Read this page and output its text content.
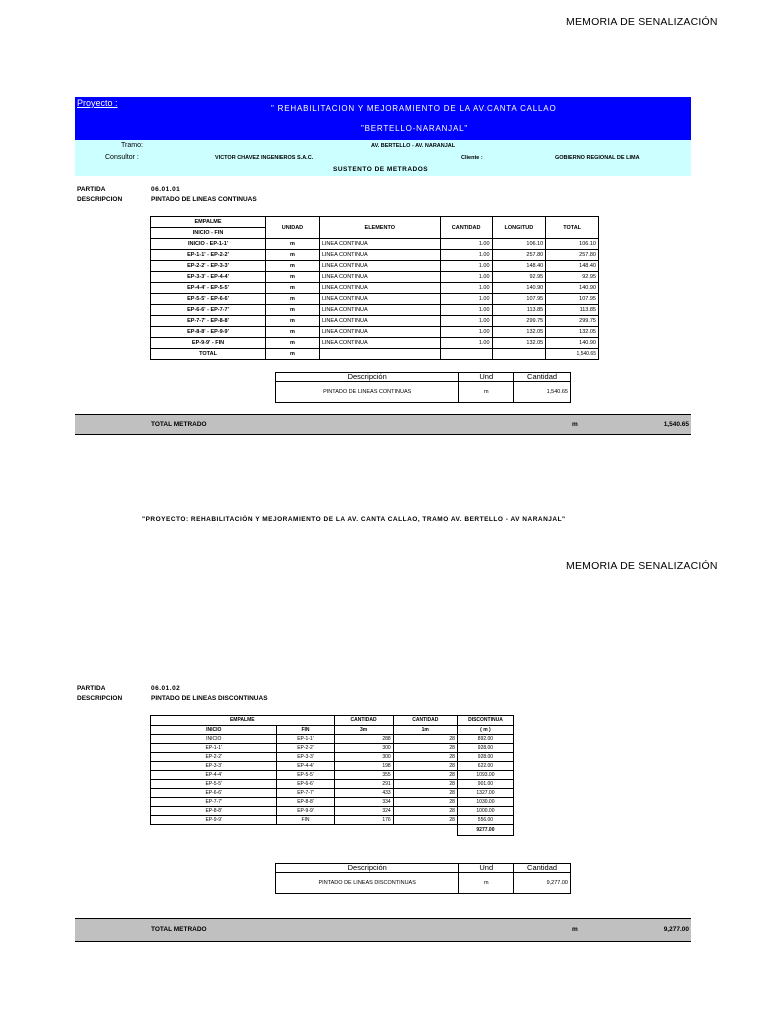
MEMORIA DE SENALIZACIÓN
Proyecto :
" REHABILITACION Y MEJORAMIENTO DE LA AV.CANTA CALLAO
"BERTELLO-NARANJAL"
Tramo:	AV. BERTELLO - AV. NARANJAL
Consultor :	VICTOR CHAVEZ INGENIEROS S.A.C.	Cliente :	GOBIERNO REGIONAL DE LIMA
SUSTENTO DE METRADOS
PARTIDA	06.01.01
DESCRIPCION	PINTADO DE LINEAS CONTINUAS
EMPALME	UNIDAD	ELEMENTO	CANTIDAD	LONGITUD	TOTAL
INICIO - FIN					
INICIO - EP-1-1'	m	LINEA CONTINUA	1.00	106.10	106.10
EP-1-1' - EP-2-2'	m	LINEA CONTINUA	1.00	257.80	257.80
EP-2-2' - EP-3-3'	m	LINEA CONTINUA	1.00	148.40	148.40
EP-3-3' - EP-4-4'	m	LINEA CONTINUA	1.00	92.95	92.95
EP-4-4' - EP-5-5'	m	LINEA CONTINUA	1.00	140.90	140.90
EP-5-5' - EP-6-6'	m	LINEA CONTINUA	1.00	107.95	107.95
EP-6-6' - EP-7-7'	m	LINEA CONTINUA	1.00	113.85	113.85
EP-7-7' - EP-8-8'	m	LINEA CONTINUA	1.00	299.75	299.75
EP-8-8' - EP-9-9'	m	LINEA CONTINUA	1.00	132.05	132.05
EP-9-9' - FIN	m	LINEA CONTINUA	1.00	132.05	140.90
TOTAL	m				1,540.65
Descripción	Und	Cantidad
PINTADO DE LINEAS CONTINUAS	m	1,540.65
TOTAL METRADO	m	1,540.65
"PROYECTO: REHABILITACIÓN Y MEJORAMIENTO DE LA AV. CANTA CALLAO, TRAMO AV. BERTELLO - AV NARANJAL"
MEMORIA DE SENALIZACIÓN
PARTIDA	06.01.02
DESCRIPCION	PINTADO DE LINEAS DISCONTINUAS
EMPALME		CANTIDAD	CANTIDAD	DISCONTINUA
INICIO	FIN	3m	1m	( m )
INICIO	EP-1-1'	288	28	892.00
EP-1-1'	EP-2-2'	300	28	928.00
EP-2-2'	EP-3-3'	300	28	928.00
EP-3-3'	EP-4-4'	198	28	622.00
EP-4-4'	EP-5-5'	355	28	1093.00
EP-5-5'	EP-6-6'	291	28	901.00
EP-6-6'	EP-7-7'	433	28	1327.00
EP-7-7'	EP-8-8'	334	28	1030.00
EP-8-8'	EP-9-9'	324	28	1000.00
EP-9-9'	FIN	176	28	556.00
				9277.00
Descripción	Und	Cantidad
PINTADO DE LINEAS DISCONTINUAS	m	9,277.00
TOTAL METRADO	m	9,277.00
